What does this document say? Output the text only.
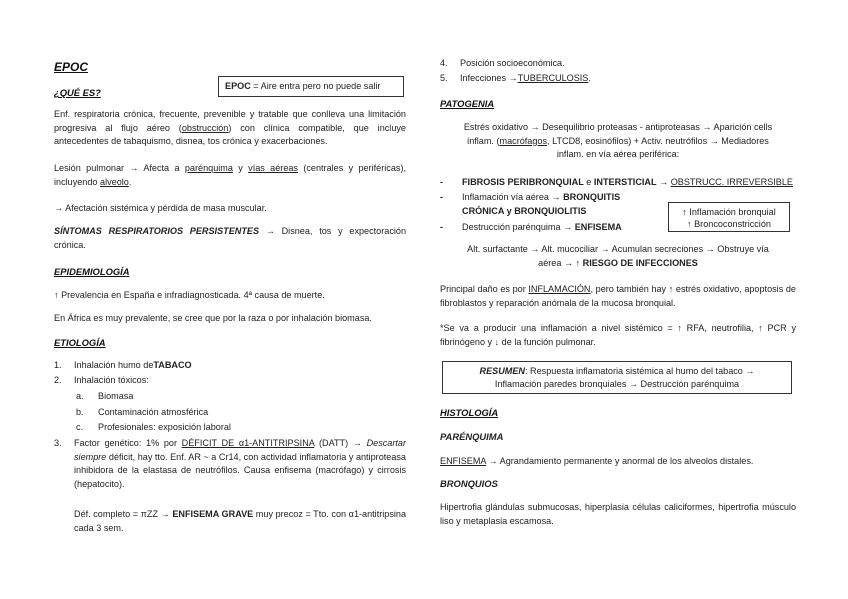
EPOC
EPOC = Aire entra pero no puede salir
¿QUÉ ES?

Enf. respiratoria crónica, frecuente, prevenible y tratable que conlleva una limitación progresiva al flujo aéreo (obstrucción) con clínica compatible, que incluye antecedentes de tabaquismo, disnea, tos crónica y exacerbaciones.

Lesión pulmonar → Afecta a parénquima y vías aéreas (centrales y periféricas), incluyendo alveolo.

→ Afectación sistémica y pérdida de masa muscular.

SÍNTOMAS RESPIRATORIOS PERSISTENTES → Disnea, tos y expectoración crónica.

EPIDEMIOLOGÍA

↑ Prevalencia en España e infradiagnosticada. 4ª causa de muerte.

En África es muy prevalente, se cree que por la raza o por inhalación biomasa.

ETIOLOGÍA
1.	Inhalación humo de TABACO
2.	Inhalación tóxicos:
a.	Biomasa
b.	Contaminación atmosférica
c.	Profesionales: exposición laboral
3.	Factor genético: 1% por DÉFICIT DE α1-ANTITRIPSINA (DATT) → Descartar siempre déficit, hay tto. Enf. AR ~ a Cr14, con actividad inflamatoria y antiproteasa inhibidora de la elastasa de neutrófilos. Causa enfisema (macrófago) y cirrosis (hepatocito).

Déf. completo = πZZ → ENFISEMA GRAVE muy precoz = Tto. con α1-antitripsina cada 3 sem.

4.	Posición socioeconómica.
5.	Infecciones → TUBERCULOSIS .
PATOGENIA
Estrés oxidativo → Desequilibrio proteasas - antiproteasas → Aparición cells
inflam. (macrófagos, LTCD8, eosinófilos) + Activ. neutrófilos → Mediadores
inflam. en vía aérea periférica:
-	FIBROSIS PERIBRONQUIAL e INTERSTICIAL → OBSTRUCC. IRREVERSIBLE
-	Inflamación vía aérea → BRONQUITIS CRÓNICA y BRONQUIOLITIS
-	Destrucción parénquima → ENFISEMA
↑ Inflamación bronquial
↑ Broncoconstricción
Alt. surfactante → Alt. mucociliar → Acumulan secreciones → Obstruye vía
aérea → ↑ RIESGO DE INFECCIONES

Principal daño es por INFLAMACIÓN, pero también hay ↑ estrés oxidativo, apoptosis de fibroblastos y reparación anómala de la mucosa bronquial.

*Se va a producir una inflamación a nivel sistémico = ↑ RFA, neutrofilia, ↑ PCR y fibrinógeno y ↓ de la función pulmonar.

RESUMEN: Respuesta inflamatoria sistémica al humo del tabaco →
Inflamación paredes bronquiales → Destrucción parénquima
HISTOLOGÍA
PARÉNQUIMA

ENFISEMA → Agrandamiento permanente y anormal de los alveolos distales.

BRONQUIOS

Hipertrofia glándulas submucosas, hiperplasia células caliciformes, hipertrofia músculo liso y metaplasia escamosa.
